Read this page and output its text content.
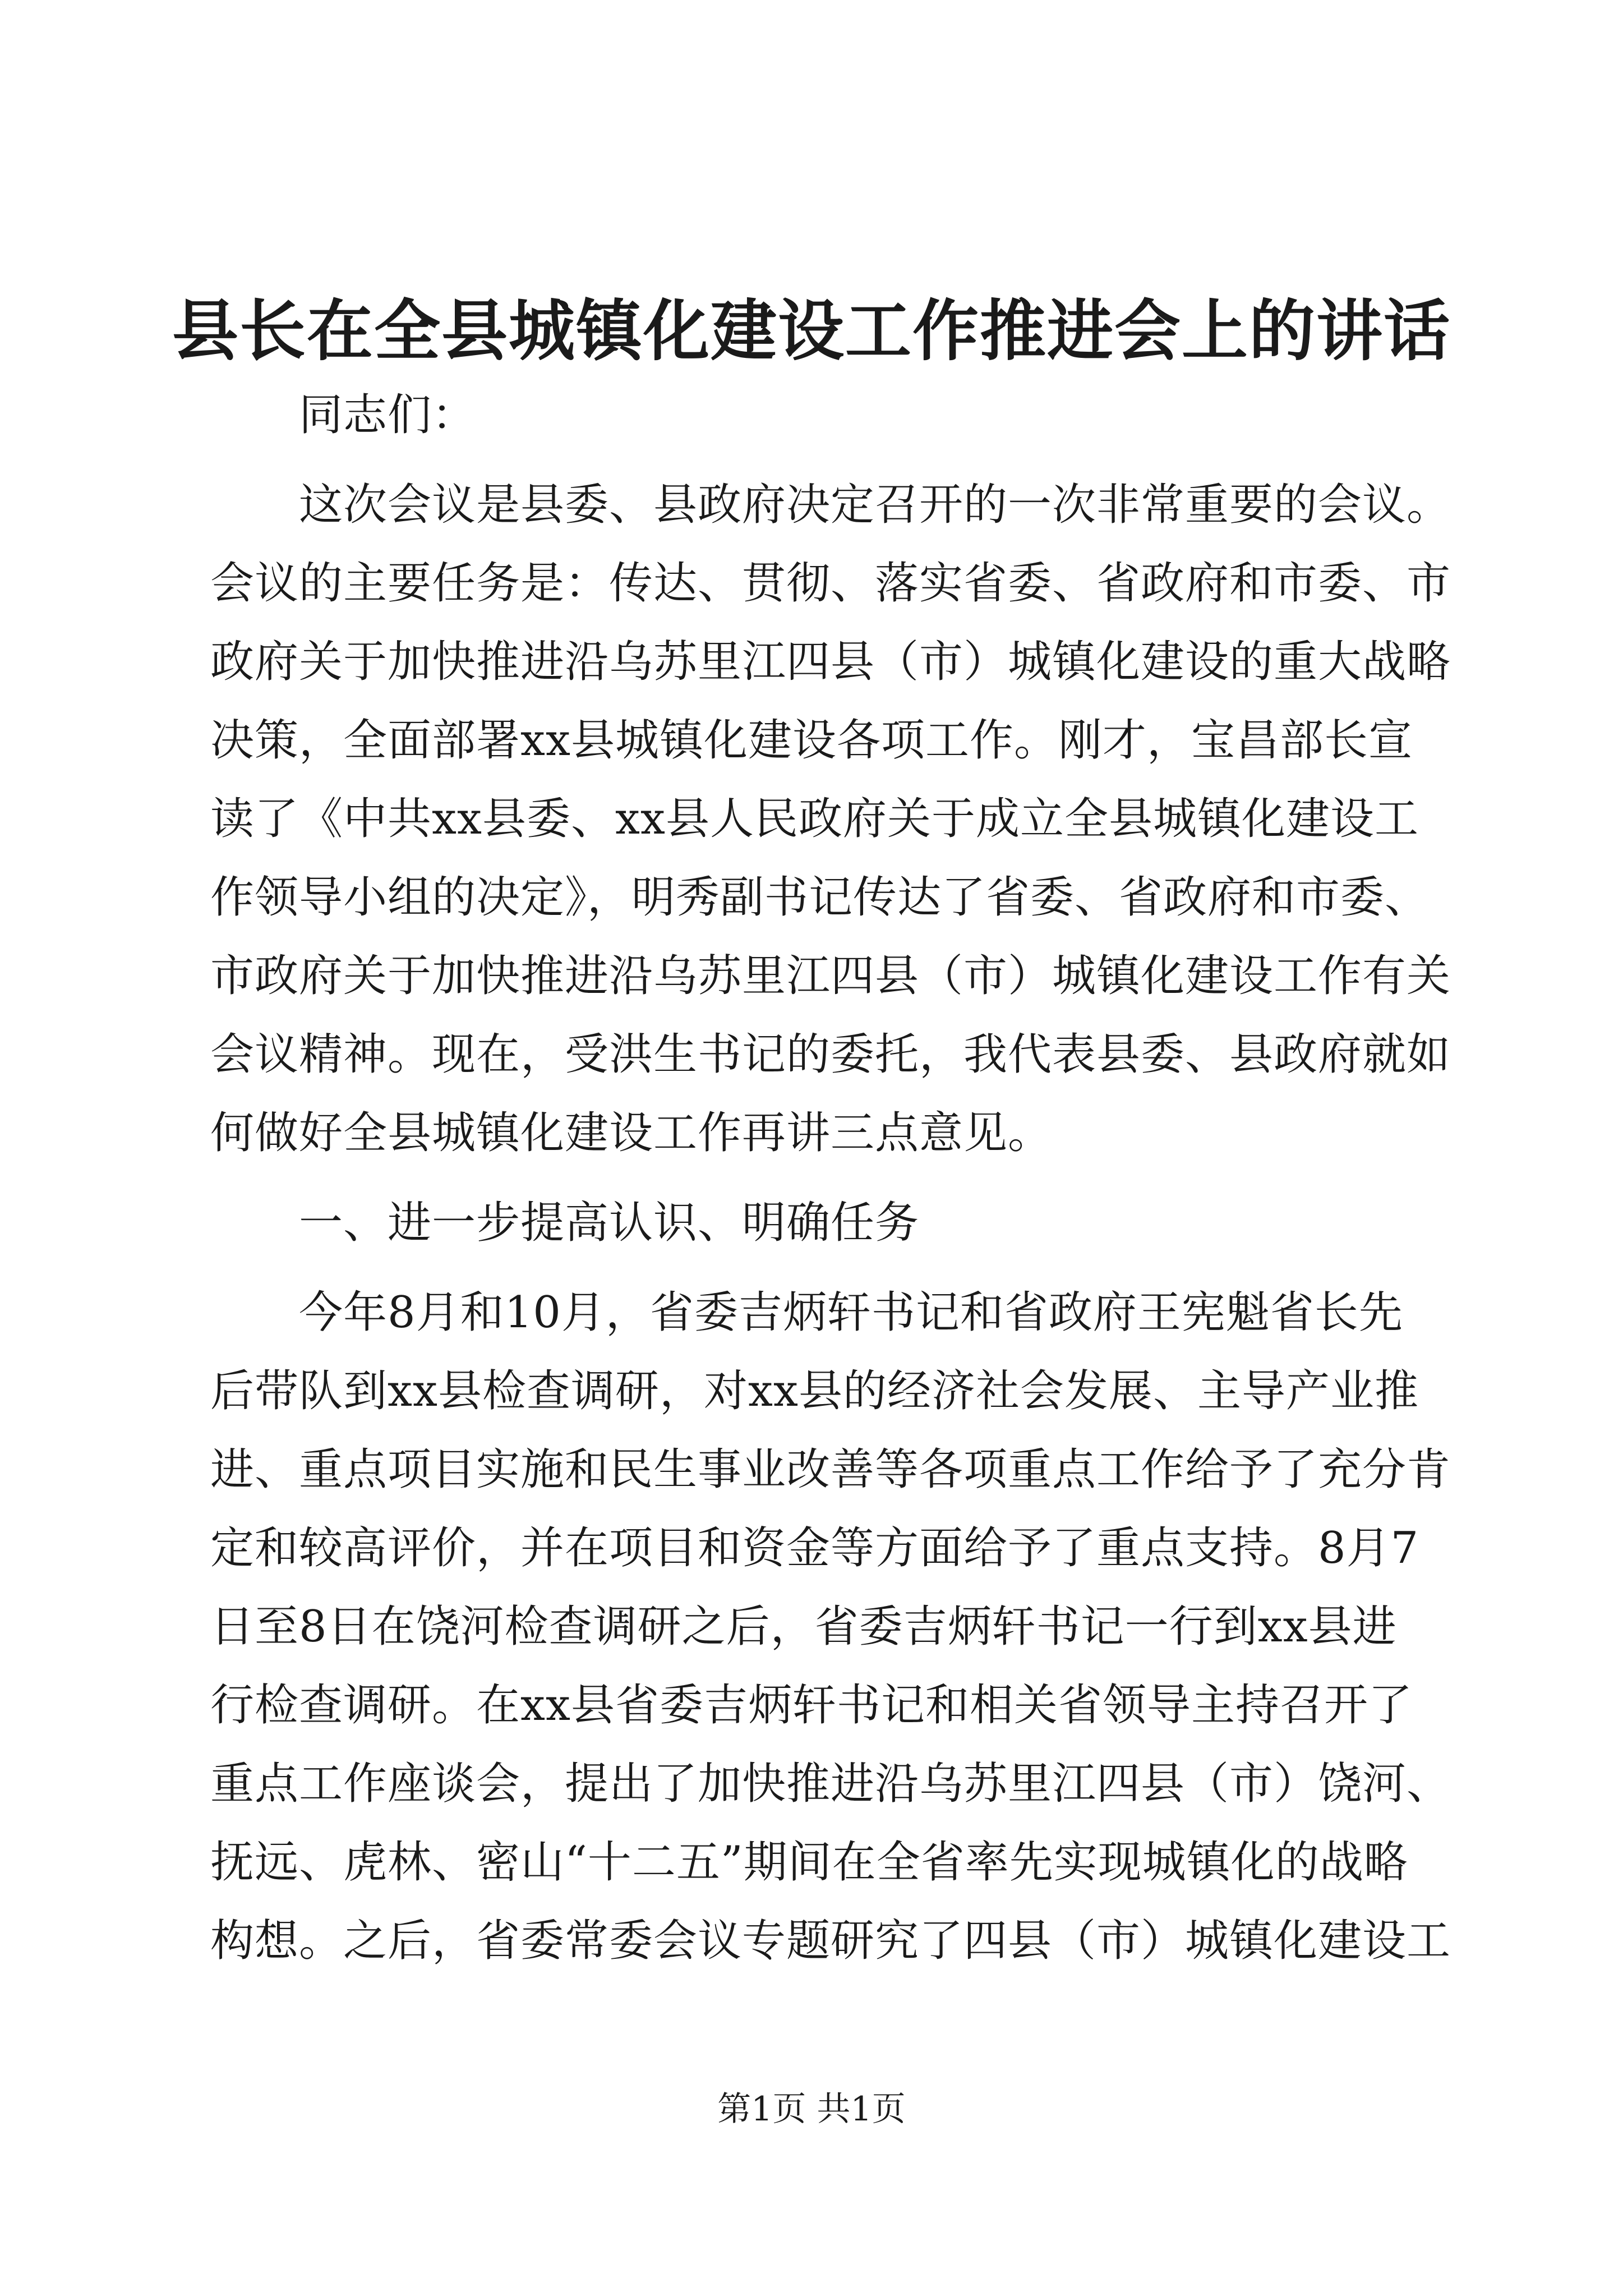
县长在全县城镇化建设工作推进会上的讲话
　　同志们：
　　这次会议是县委、县政府决定召开的一次非常重要的会议。
会议的主要任务是：传达、贯彻、落实省委、省政府和市委、市
政府关于加快推进沿乌苏里江四县（市）城镇化建设的重大战略
决策，全面部署xx县城镇化建设各项工作。刚才，宝昌部长宣
读了《中共xx县委、xx县人民政府关于成立全县城镇化建设工
作领导小组的决定》，明秀副书记传达了省委、省政府和市委、
市政府关于加快推进沿乌苏里江四县（市）城镇化建设工作有关
会议精神。现在，受洪生书记的委托，我代表县委、县政府就如
何做好全县城镇化建设工作再讲三点意见。
　　一、进一步提高认识、明确任务
　　今年8月和10月，省委吉炳轩书记和省政府王宪魁省长先
后带队到xx县检查调研，对xx县的经济社会发展、主导产业推
进、重点项目实施和民生事业改善等各项重点工作给予了充分肯
定和较高评价，并在项目和资金等方面给予了重点支持。8月7
日至8日在饶河检查调研之后，省委吉炳轩书记一行到xx县进
行检查调研。在xx县省委吉炳轩书记和相关省领导主持召开了
重点工作座谈会，提出了加快推进沿乌苏里江四县（市）饶河、
抚远、虎林、密山“十二五”期间在全省率先实现城镇化的战略
构想。之后，省委常委会议专题研究了四县（市）城镇化建设工
第1页 共1页
